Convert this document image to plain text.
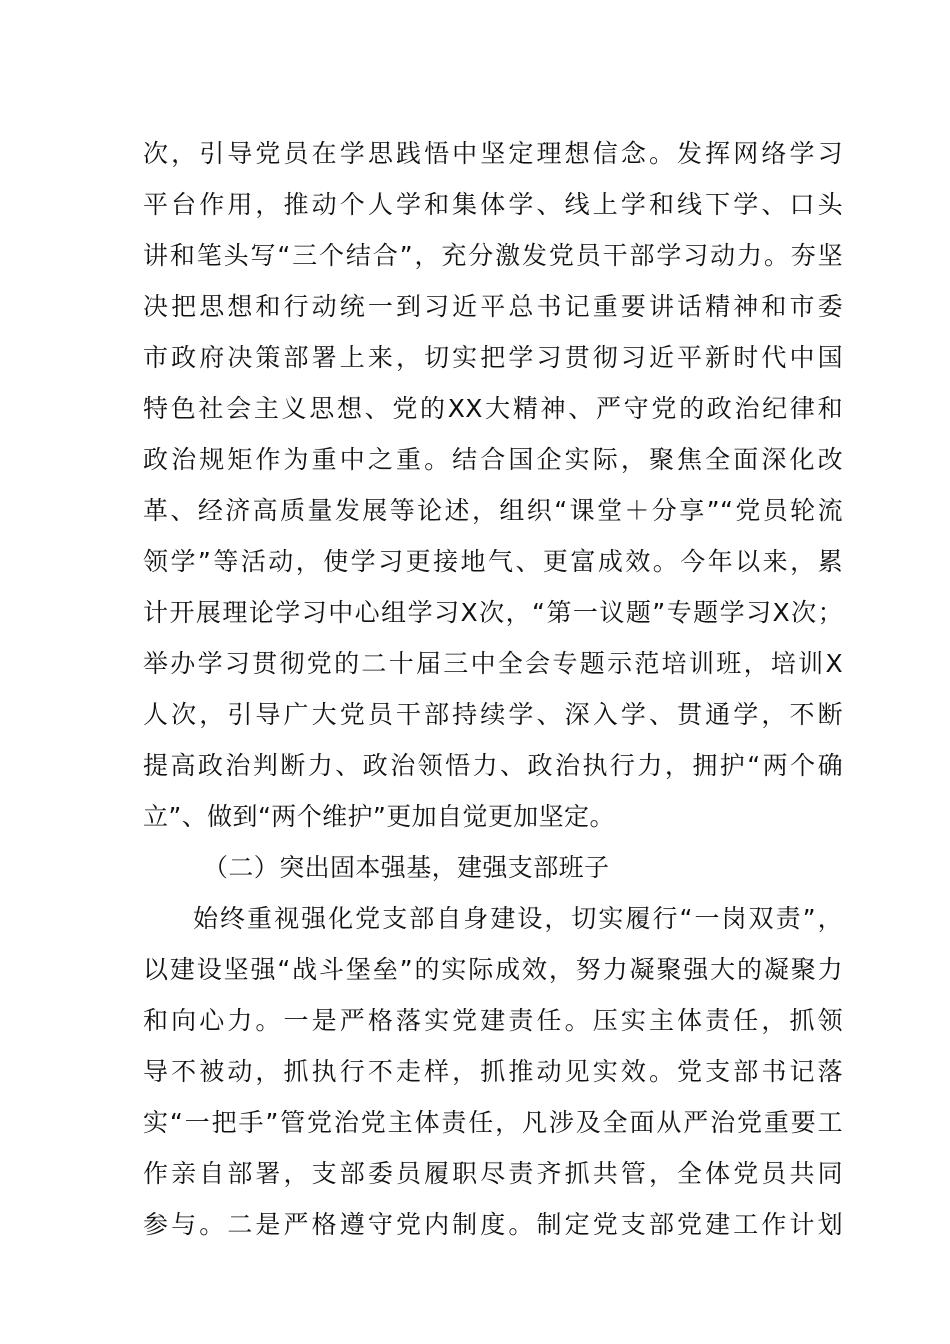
次，引导党员在学思践悟中坚定理想信念。发挥网络学习
平台作用，推动个人学和集体学、线上学和线下学、口头
讲和笔头写“三个结合”，充分激发党员干部学习动力。夯坚
决把思想和行动统一到习近平总书记重要讲话精神和市委
市政府决策部署上来，切实把学习贯彻习近平新时代中国
特色社会主义思想、党的XX大精神、严守党的政治纪律和
政治规矩作为重中之重。结合国企实际，聚焦全面深化改
革、经济高质量发展等论述，组织“课堂＋分享”“党员轮流
领学”等活动，使学习更接地气、更富成效。今年以来，累
计开展理论学习中心组学习X次，“第一议题”专题学习X次；
举办学习贯彻党的二十届三中全会专题示范培训班，培训X
人次，引导广大党员干部持续学、深入学、贯通学，不断
提高政治判断力、政治领悟力、政治执行力，拥护“两个确
立”、做到“两个维护”更加自觉更加坚定。
（二）突出固本强基，建强支部班子
始终重视强化党支部自身建设，切实履行“一岗双责”，
以建设坚强“战斗堡垒”的实际成效，努力凝聚强大的凝聚力
和向心力。一是严格落实党建责任。压实主体责任，抓领
导不被动，抓执行不走样，抓推动见实效。党支部书记落
实“一把手”管党治党主体责任，凡涉及全面从严治党重要工
作亲自部署，支部委员履职尽责齐抓共管，全体党员共同
参与。二是严格遵守党内制度。制定党支部党建工作计划
